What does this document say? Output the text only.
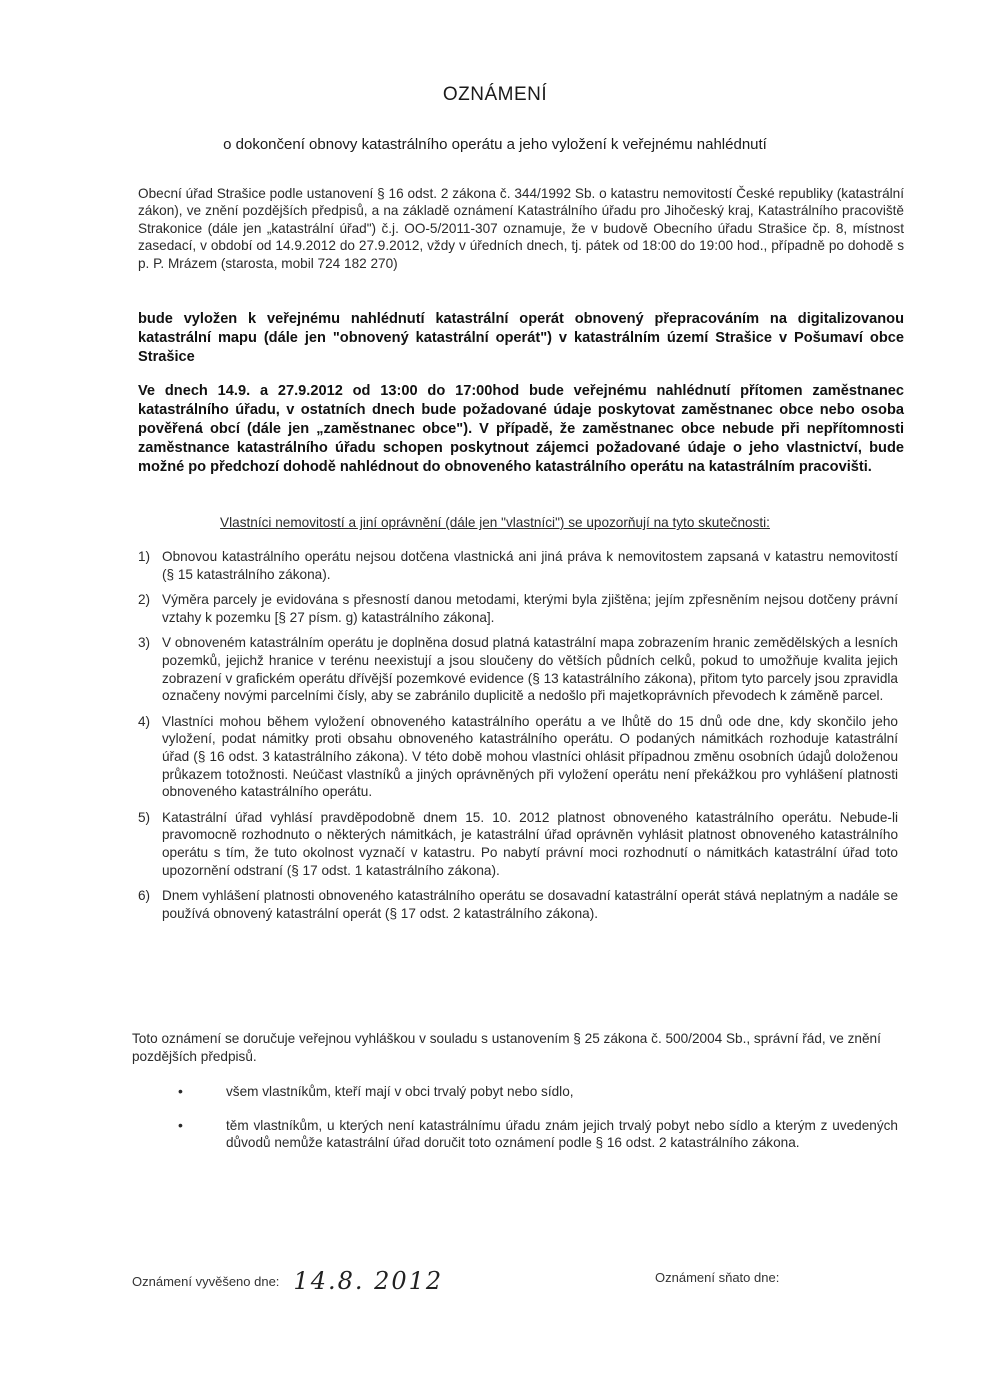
OZNÁMENÍ
o dokončení obnovy katastrálního operátu a jeho vyložení k veřejnému nahlédnutí
Obecní úřad Strašice podle ustanovení § 16 odst. 2 zákona č. 344/1992 Sb. o katastru nemovitostí České republiky (katastrální zákon), ve znění pozdějších předpisů, a na základě oznámení Katastrálního úřadu pro Jihočeský kraj, Katastrálního pracoviště Strakonice (dále jen „katastrální úřad") č.j. OO-5/2011-307 oznamuje, že v budově Obecního úřadu Strašice čp. 8, místnost zasedací, v období od 14.9.2012 do 27.9.2012, vždy v úředních dnech, tj. pátek od 18:00 do 19:00 hod., případně po dohodě s p. P. Mrázem (starosta, mobil 724 182 270)
bude vyložen k veřejnému nahlédnutí katastrální operát obnovený přepracováním na digitalizovanou katastrální mapu (dále jen "obnovený katastrální operát") v katastrálním území Strašice v Pošumaví obce Strašice
Ve dnech 14.9. a 27.9.2012 od 13:00 do 17:00hod bude veřejnému nahlédnutí přítomen zaměstnanec katastrálního úřadu, v ostatních dnech bude požadované údaje poskytovat zaměstnanec obce nebo osoba pověřená obcí (dále jen „zaměstnanec obce"). V případě, že zaměstnanec obce nebude při nepřítomnosti zaměstnance katastrálního úřadu schopen poskytnout zájemci požadované údaje o jeho vlastnictví, bude možné po předchozí dohodě nahlédnout do obnoveného katastrálního operátu na katastrálním pracovišti.
Vlastníci nemovitostí a jiní oprávnění (dále jen "vlastníci") se upozorňují na tyto skutečnosti:
1) Obnovou katastrálního operátu nejsou dotčena vlastnická ani jiná práva k nemovitostem zapsaná v katastru nemovitostí (§ 15 katastrálního zákona).
2) Výměra parcely je evidována s přesností danou metodami, kterými byla zjištěna; jejím zpřesněním nejsou dotčeny právní vztahy k pozemku [§ 27 písm. g) katastrálního zákona].
3) V obnoveném katastrálním operátu je doplněna dosud platná katastrální mapa zobrazením hranic zemědělských a lesních pozemků, jejichž hranice v terénu neexistují a jsou sloučeny do větších půdních celků, pokud to umožňuje kvalita jejich zobrazení v grafickém operátu dřívější pozemkové evidence (§ 13 katastrálního zákona), přitom tyto parcely jsou zpravidla označeny novými parcelními čísly, aby se zabránilo duplicitě a nedošlo při majetkoprávních převodech k záměně parcel.
4) Vlastníci mohou během vyložení obnoveného katastrálního operátu a ve lhůtě do 15 dnů ode dne, kdy skončilo jeho vyložení, podat námitky proti obsahu obnoveného katastrálního operátu. O podaných námitkách rozhoduje katastrální úřad (§ 16 odst. 3 katastrálního zákona). V této době mohou vlastníci ohlásit případnou změnu osobních údajů doloženou průkazem totožnosti. Neúčast vlastníků a jiných oprávněných při vyložení operátu není překážkou pro vyhlášení platnosti obnoveného katastrálního operátu.
5) Katastrální úřad vyhlásí pravděpodobně dnem 15. 10. 2012 platnost obnoveného katastrálního operátu. Nebude-li pravomocně rozhodnuto o některých námitkách, je katastrální úřad oprávněn vyhlásit platnost obnoveného katastrálního operátu s tím, že tuto okolnost vyznačí v katastru. Po nabytí právní moci rozhodnutí o námitkách katastrální úřad toto upozornění odstraní (§ 17 odst. 1 katastrálního zákona).
6) Dnem vyhlášení platnosti obnoveného katastrálního operátu se dosavadní katastrální operát stává neplatným a nadále se používá obnovený katastrální operát (§ 17 odst. 2 katastrálního zákona).
Toto oznámení se doručuje veřejnou vyhláškou v souladu s ustanovením § 25 zákona č. 500/2004 Sb., správní řád, ve znění pozdějších předpisů.
•	všem vlastníkům, kteří mají v obci trvalý pobyt nebo sídlo,
•	těm vlastníkům, u kterých není katastrálnímu úřadu znám jejich trvalý pobyt nebo sídlo a kterým z uvedených důvodů nemůže katastrální úřad doručit toto oznámení podle § 16 odst. 2 katastrálního zákona.
Oznámení vyvěšeno dne: 14.8. 2012	Oznámení sňato dne:
